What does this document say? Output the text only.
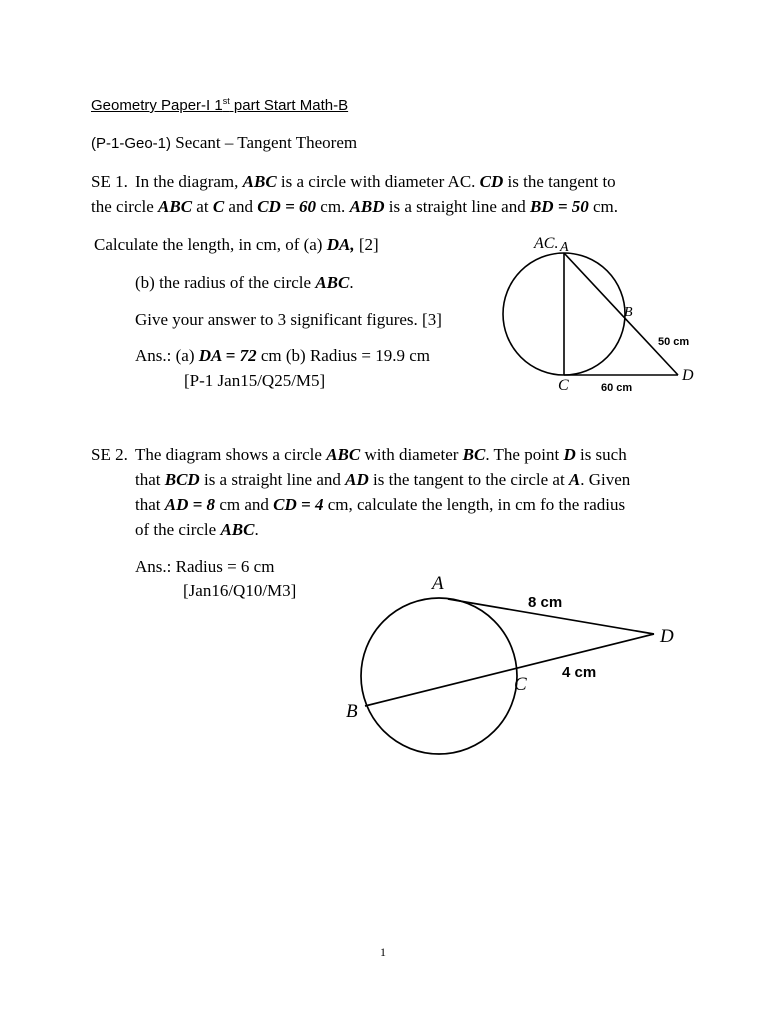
Geometry Paper-I 1st part Start Math-B
(P-1-Geo-1) Secant – Tangent Theorem
SE 1. In the diagram, ABC is a circle with diameter AC. CD is the tangent to
the circle ABC at C and CD = 60 cm. ABD is a straight line and BD = 50 cm.
Calculate the length, in cm, of (a) DA, [2]
(b) the radius of the circle ABC.
Give your answer to 3 significant figures. [3]
Ans.: (a) DA = 72 cm (b) Radius = 19.9 cm
[P-1 Jan15/Q25/M5]
AC. A
B
C
D
50 cm
60 cm
SE 2. The diagram shows a circle ABC with diameter BC. The point D is such
that BCD is a straight line and AD is the tangent to the circle at A. Given
that AD = 8 cm and CD = 4 cm, calculate the length, in cm fo the radius
of the circle ABC.
Ans.: Radius = 6 cm
[Jan16/Q10/M3]	A
B
C
D
8 cm
4 cm
1
